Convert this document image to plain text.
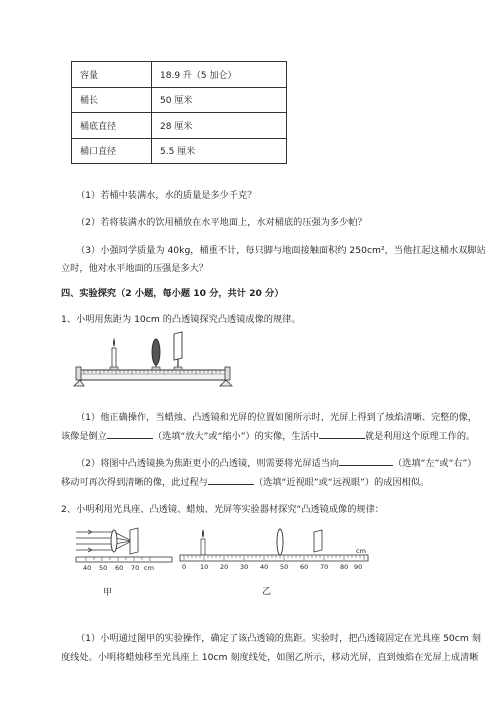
容量	18.9 升（5 加仑）
桶长	50 厘米
桶底直径	28 厘米
桶口直径	5.5 厘米
（1）若桶中装满水，水的质量是多少千克？
（2）若将装满水的饮用桶放在水平地面上，水对桶底的压强为多少帕？
（3）小强同学质量为 40kg，桶重不计，每只脚与地面接触面积约 250cm²，当他扛起这桶水双脚站
立时，他对水平地面的压强是多大？
四、实验探究（2 小题，每小题 10 分，共计 20 分）
1、小明用焦距为 10cm 的凸透镜探究凸透镜成像的规律。
（1）他正确操作，当蜡烛、凸透镜和光屏的位置如图所示时，光屏上得到了烛焰清晰、完整的像，
该像是倒立	（选填“放大”或“缩小”）的实像，生活中	就是利用这个原理工作的。
（2）将图中凸透镜换为焦距更小的凸透镜，则需要将光屏适当向	（选填“左”或“右”）
移动可再次得到清晰的像，此过程与	（选填“近视眼”或“远视眼”）的成因相似。
2、小明利用光具座、凸透镜、蜡烛、光屏等实验器材探究“凸透镜成像的规律：
40 50 60 70 cm
甲
0 10 20 30 40 50 60 70 80 90
cm
乙
（1）小明通过图甲的实验操作，确定了该凸透镜的焦距。实验时，把凸透镜固定在光具座 50cm 刻
度线处。小明将蜡烛移至光具座上 10cm 刻度线处，如图乙所示，移动光屏，直到烛焰在光屏上成清晰
